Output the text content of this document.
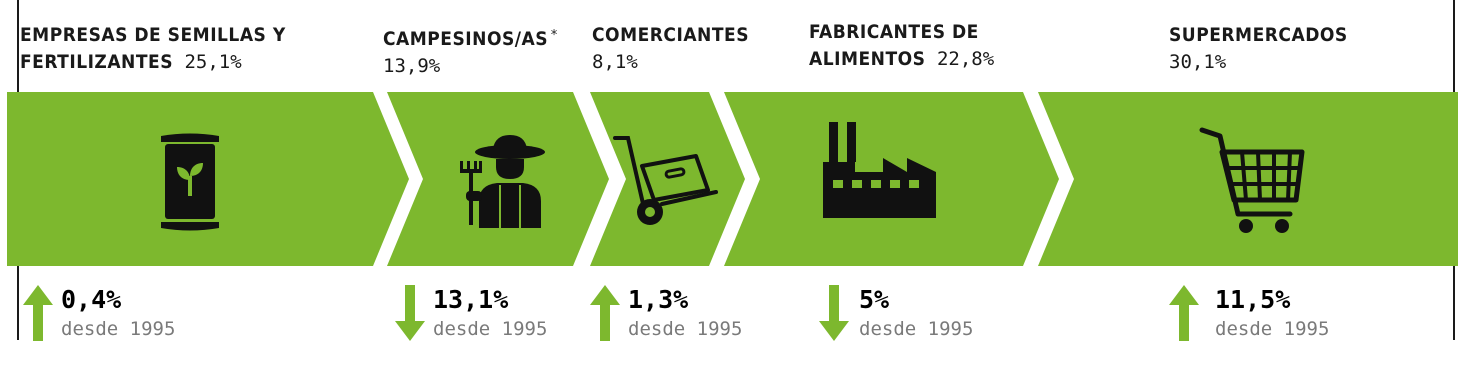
EMPRESAS DE SEMILLAS Y
FERTILIZANTES 25,1%
CAMPESINOS/AS *
13,9%
COMERCIANTES
8,1%
FABRICANTES DE
ALIMENTOS 22,8%
SUPERMERCADOS
30,1%
0,4%
desde 1995
13,1%
desde 1995
1,3%
desde 1995
5%
desde 1995
11,5%
desde 1995
